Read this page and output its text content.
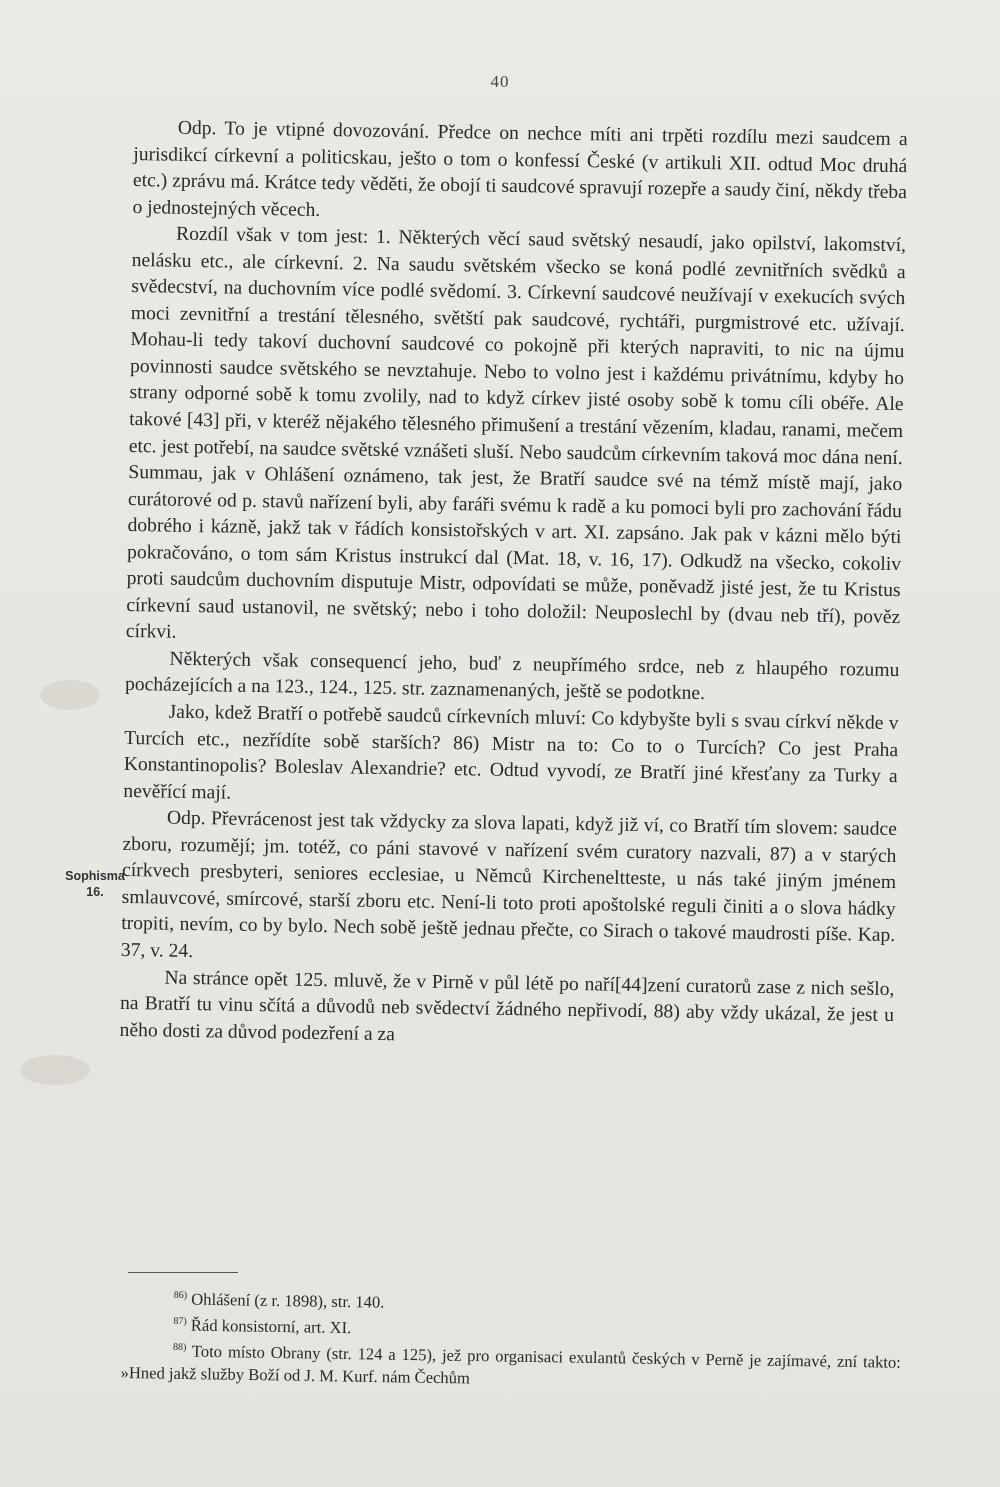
40
Sophisma
16.

Odp. To je vtipné dovozování. Předce on nechce míti ani trpěti rozdílu mezi saudcem a jurisdikcí církevní a politicskau, ješto o tom o konfessí České (v artikuli XII. odtud Moc druhá etc.) zprávu má. Krátce tedy věděti, že obojí ti saudcové spravují rozepře a saudy činí, někdy třeba o jednostejných věcech.

Rozdíl však v tom jest: 1. Některých věcí saud světský nesaudí, jako opilství, lakomství, nelásku etc., ale církevní. 2. Na saudu světském všecko se koná podlé zevnitřních svědků a svědecství, na duchovním více podlé svědomí. 3. Církevní saudcové neužívají v exekucích svých moci zevnitřní a trestání tělesného, světští pak saudcové, rychtáři, purgmistrové etc. užívají. Mohau-li tedy takoví duchovní saudcové co pokojně při kterých napraviti, to nic na újmu povinnosti saudce světského se nevztahuje. Nebo to volno jest i každému privátnímu, kdyby ho strany odporné sobě k tomu zvolily, nad to když církev jisté osoby sobě k tomu cíli obéře. Ale takové [43] při, v kteréž nějakého tělesného přimušení a trestání vězením, kladau, ranami, mečem etc. jest potřebí, na saudce světské vznášeti sluší. Nebo saudcům církevním taková moc dána není. Summau, jak v Ohlášení oznámeno, tak jest, že Bratří saudce své na témž místě mají, jako curátorové od p. stavů nařízení byli, aby faráři svému k radě a ku pomoci byli pro zachování řádu dobrého i kázně, jakž tak v řádích konsistořských v art. XI. zapsáno. Jak pak v kázni mělo býti pokračováno, o tom sám Kristus instrukcí dal (Mat. 18, v. 16, 17). Odkudž na všecko, cokoliv proti saudcům duchovním disputuje Mistr, odpovídati se může, poněvadž jisté jest, že tu Kristus církevní saud ustanovil, ne světský; nebo i toho doložil: Neuposlechl by (dvau neb tří), pověz církvi.

Některých však consequencí jeho, buď z neupřímého srdce, neb z hlaupého rozumu pocházejících a na 123., 124., 125. str. zaznamenaných, ještě se podotkne.

Jako, kdež Bratří o potřebě saudců církevních mluví: Co kdybyšte byli s svau církví někde v Turcích etc., nezřídíte sobě starších? 86) Mistr na to: Co to o Turcích? Co jest Praha Konstantinopolis? Boleslav Alexandrie? etc. Odtud vyvodí, ze Bratří jiné křesťany za Turky a nevěřící mají.

Odp. Převrácenost jest tak vždycky za slova lapati, když již ví, co Bratří tím slovem: saudce zboru, rozumějí; jm. totéž, co páni stavové v nařízení svém curatory nazvali, 87) a v starých církvech presbyteri, seniores ecclesiae, u Němců Kircheneltteste, u nás také jiným jménem smlauvcové, smírcové, starší zboru etc. Není-li toto proti apoštolské reguli činiti a o slova hádky tropiti, nevím, co by bylo. Nech sobě ještě jednau přečte, co Sirach o takové maudrosti píše. Kap. 37, v. 24.

Na stránce opět 125. mluvě, že v Pirně v půl létě po naří[44]zení curatorů zase z nich sešlo, na Bratří tu vinu sčítá a důvodů neb svědectví žádného nepřivodí, 88) aby vždy ukázal, že jest u něho dosti za důvod podezření a za

$^{86)}$ Ohlášení (z r. 1898), str. 140.

$^{87)}$ Řád konsistorní, art. XI.

$^{88)}$ Toto místo Obrany (str. 124 a 125), jež pro organisaci exulantů českých v Perně je zajímavé, zní takto: »Hned jakž služby Boží od J. M. Kurf. nám Čechům
